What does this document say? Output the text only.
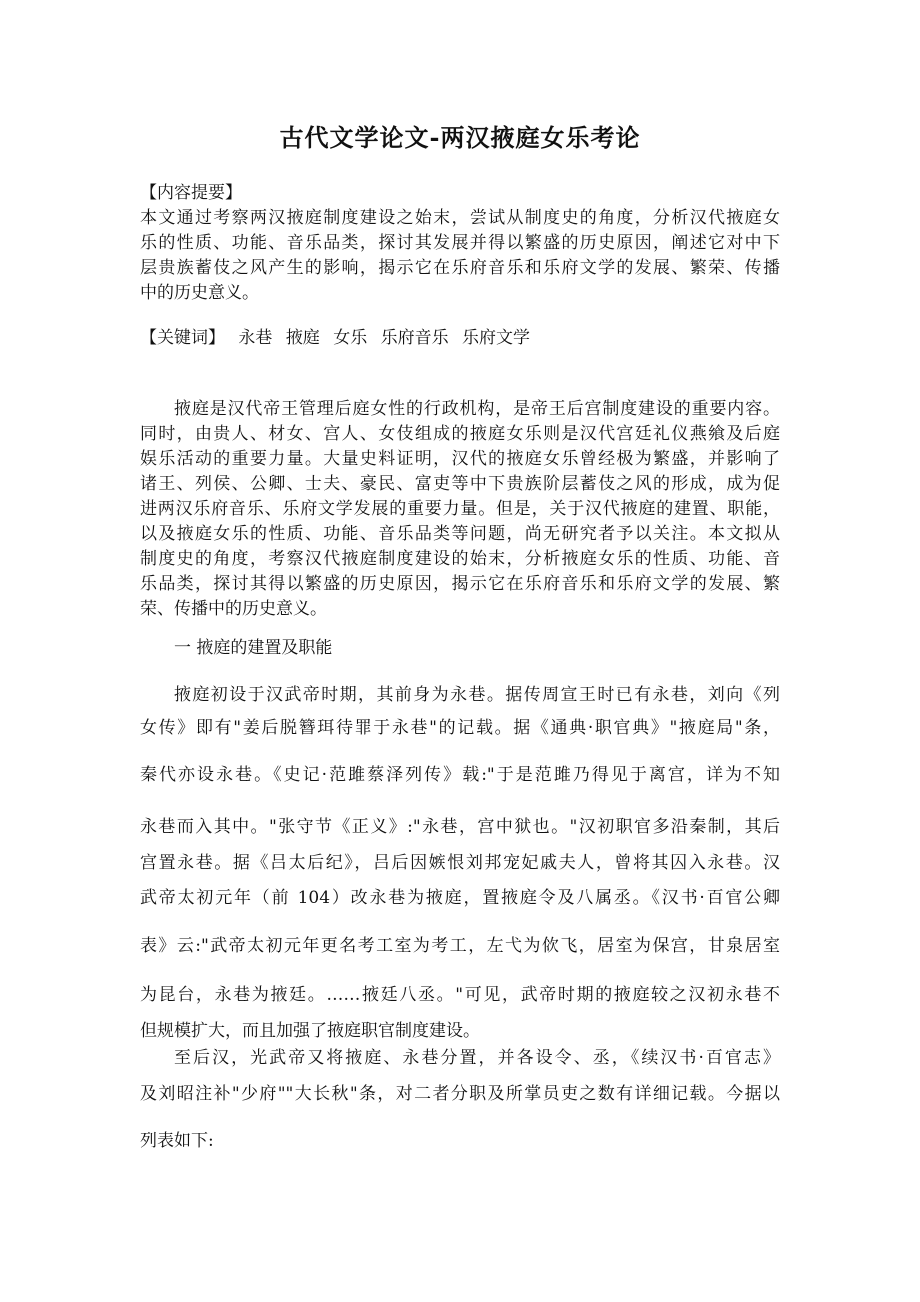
古代文学论文-两汉掖庭女乐考论
【内容提要】
本文通过考察两汉掖庭制度建设之始末，尝试从制度史的角度，分析汉代掖庭女
乐的性质、功能、音乐品类，探讨其发展并得以繁盛的历史原因，阐述它对中下
层贵族蓄伎之风产生的影响，揭示它在乐府音乐和乐府文学的发展、繁荣、传播
中的历史意义。
【关键词】 永巷 掖庭 女乐 乐府音乐 乐府文学
掖庭是汉代帝王管理后庭女性的行政机构，是帝王后宫制度建设的重要内容。
同时，由贵人、材女、宫人、女伎组成的掖庭女乐则是汉代宫廷礼仪燕飨及后庭
娱乐活动的重要力量。大量史料证明，汉代的掖庭女乐曾经极为繁盛，并影响了
诸王、列侯、公卿、士夫、豪民、富吏等中下贵族阶层蓄伎之风的形成，成为促
进两汉乐府音乐、乐府文学发展的重要力量。但是，关于汉代掖庭的建置、职能，
以及掖庭女乐的性质、功能、音乐品类等问题，尚无研究者予以关注。本文拟从
制度史的角度，考察汉代掖庭制度建设的始末，分析掖庭女乐的性质、功能、音
乐品类，探讨其得以繁盛的历史原因，揭示它在乐府音乐和乐府文学的发展、繁
荣、传播中的历史意义。
一 掖庭的建置及职能
掖庭初设于汉武帝时期，其前身为永巷。据传周宣王时已有永巷，刘向《列
女传》即有"姜后脱簪珥待罪于永巷"的记载。据《通典·职官典》"掖庭局"条，
秦代亦设永巷。《史记·范雎蔡泽列传》载:"于是范雎乃得见于离宫，详为不知
永巷而入其中。"张守节《正义》:"永巷，宫中狱也。"汉初职官多沿秦制，其后
宫置永巷。据《吕太后纪》，吕后因嫉恨刘邦宠妃戚夫人，曾将其囚入永巷。汉
武帝太初元年（前 104）改永巷为掖庭，置掖庭令及八属丞。《汉书·百官公卿
表》云:"武帝太初元年更名考工室为考工，左弋为佽飞，居室为保宫，甘泉居室
为昆台，永巷为掖廷。……掖廷八丞。"可见，武帝时期的掖庭较之汉初永巷不
但规模扩大，而且加强了掖庭职官制度建设。
至后汉，光武帝又将掖庭、永巷分置，并各设令、丞，《续汉书·百官志》
及刘昭注补"少府""大长秋"条，对二者分职及所掌员吏之数有详细记载。今据以
列表如下:
